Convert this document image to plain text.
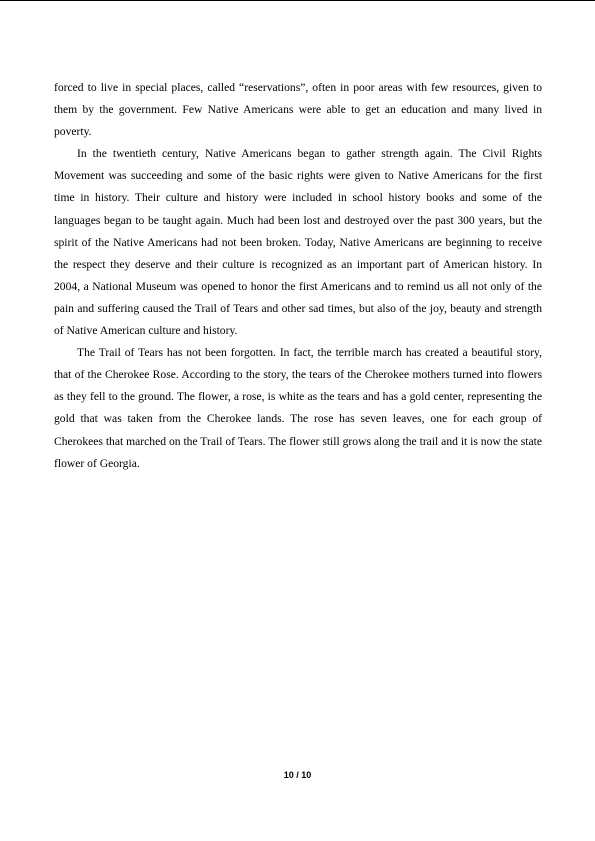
forced to live in special places, called “reservations”, often in poor areas with few resources, given to them by the government. Few Native Americans were able to get an education and many lived in poverty.

In the twentieth century, Native Americans began to gather strength again. The Civil Rights Movement was succeeding and some of the basic rights were given to Native Americans for the first time in history. Their culture and history were included in school history books and some of the languages began to be taught again. Much had been lost and destroyed over the past 300 years, but the spirit of the Native Americans had not been broken. Today, Native Americans are beginning to receive the respect they deserve and their culture is recognized as an important part of American history. In 2004, a National Museum was opened to honor the first Americans and to remind us all not only of the pain and suffering caused the Trail of Tears and other sad times, but also of the joy, beauty and strength of Native American culture and history.

The Trail of Tears has not been forgotten. In fact, the terrible march has created a beautiful story, that of the Cherokee Rose. According to the story, the tears of the Cherokee mothers turned into flowers as they fell to the ground. The flower, a rose, is white as the tears and has a gold center, representing the gold that was taken from the Cherokee lands. The rose has seven leaves, one for each group of Cherokees that marched on the Trail of Tears. The flower still grows along the trail and it is now the state flower of Georgia.

10 / 10
